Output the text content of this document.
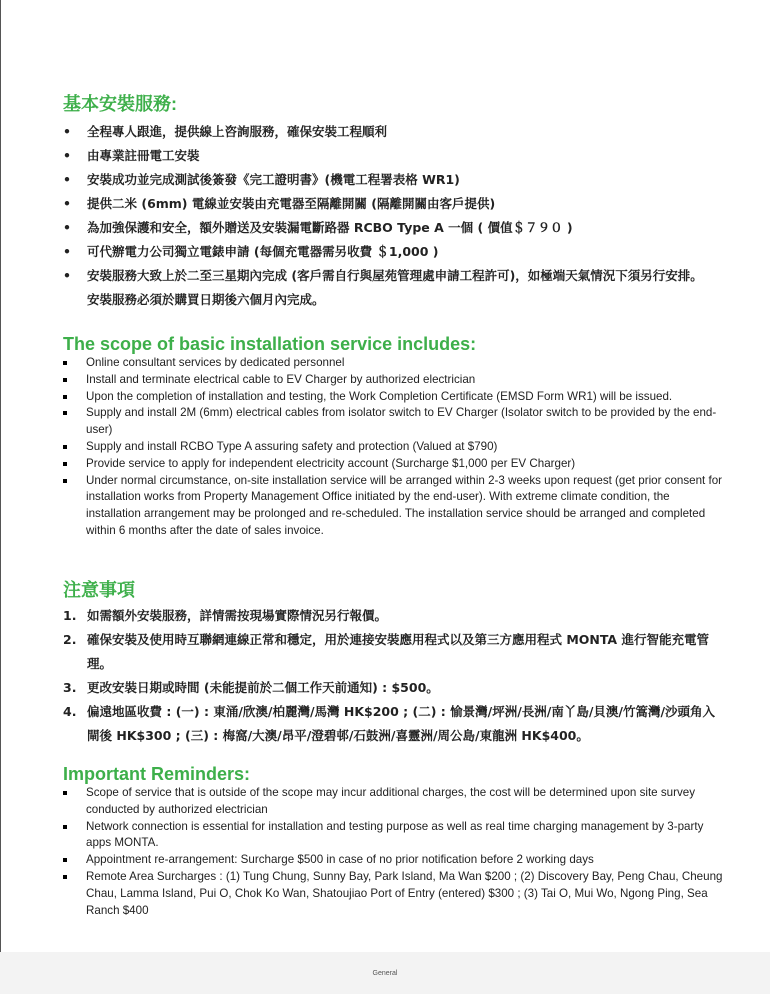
基本安裝服務:
• 全程專人跟進，提供線上咨詢服務，確保安裝工程順利
• 由專業註冊電工安裝
• 安裝成功並完成測試後簽發《完工證明書》(機電工程署表格 WR1)
• 提供二米 (6mm) 電線並安裝由充電器至隔離開關 (隔離開關由客戶提供)
• 為加強保護和安全，額外贈送及安裝漏電斷路器 RCBO Type A 一個 ( 價值＄７９０ )
• 可代辦電力公司獨立電錶申請 (每個充電器需另收費 ＄1,000 )
• 安裝服務大致上於二至三星期內完成 (客戶需自行與屋苑管理處申請工程許可)，如極端天氣情況下須另行安排。安裝服務必須於購買日期後六個月內完成。
The scope of basic installation service includes:
Online consultant services by dedicated personnel
Install and terminate electrical cable to EV Charger by authorized electrician
Upon the completion of installation and testing, the Work Completion Certificate (EMSD Form WR1) will be issued.
Supply and install 2M (6mm) electrical cables from isolator switch to EV Charger (Isolator switch to be provided by the end-user)
Supply and install RCBO Type A assuring safety and protection (Valued at $790)
Provide service to apply for independent electricity account (Surcharge $1,000 per EV Charger)
Under normal circumstance, on-site installation service will be arranged within 2-3 weeks upon request (get prior consent for installation works from Property Management Office initiated by the end-user). With extreme climate condition, the installation arrangement may be prolonged and re-scheduled. The installation service should be arranged and completed within 6 months after the date of sales invoice.
注意事項
1. 如需額外安裝服務，詳情需按現場實際情況另行報價。
2. 確保安裝及使用時互聯網連線正常和穩定，用於連接安裝應用程式以及第三方應用程式 MONTA 進行智能充電管理。
3. 更改安裝日期或時間 (未能提前於二個工作天前通知) : $500。
4. 偏遠地區收費 : (一) : 東涌/欣澳/柏麗灣/馬灣 HK$200 ; (二) : 愉景灣/坪洲/長洲/南丫島/貝澳/竹篙灣/沙頭角入閘後 HK$300 ; (三) : 梅窩/大澳/昂平/澄碧邨/石鼓洲/喜靈洲/周公島/東龍洲 HK$400。
Important Reminders:
Scope of service that is outside of the scope may incur additional charges, the cost will be determined upon site survey conducted by authorized electrician
Network connection is essential for installation and testing purpose as well as real time charging management by 3-party apps MONTA.
Appointment re-arrangement: Surcharge $500 in case of no prior notification before 2 working days
Remote Area Surcharges : (1) Tung Chung, Sunny Bay, Park Island, Ma Wan $200 ; (2) Discovery Bay, Peng Chau, Cheung Chau, Lamma Island, Pui O, Chok Ko Wan, Shatoujiao Port of Entry (entered) $300 ; (3) Tai O, Mui Wo, Ngong Ping, Sea Ranch $400
General
